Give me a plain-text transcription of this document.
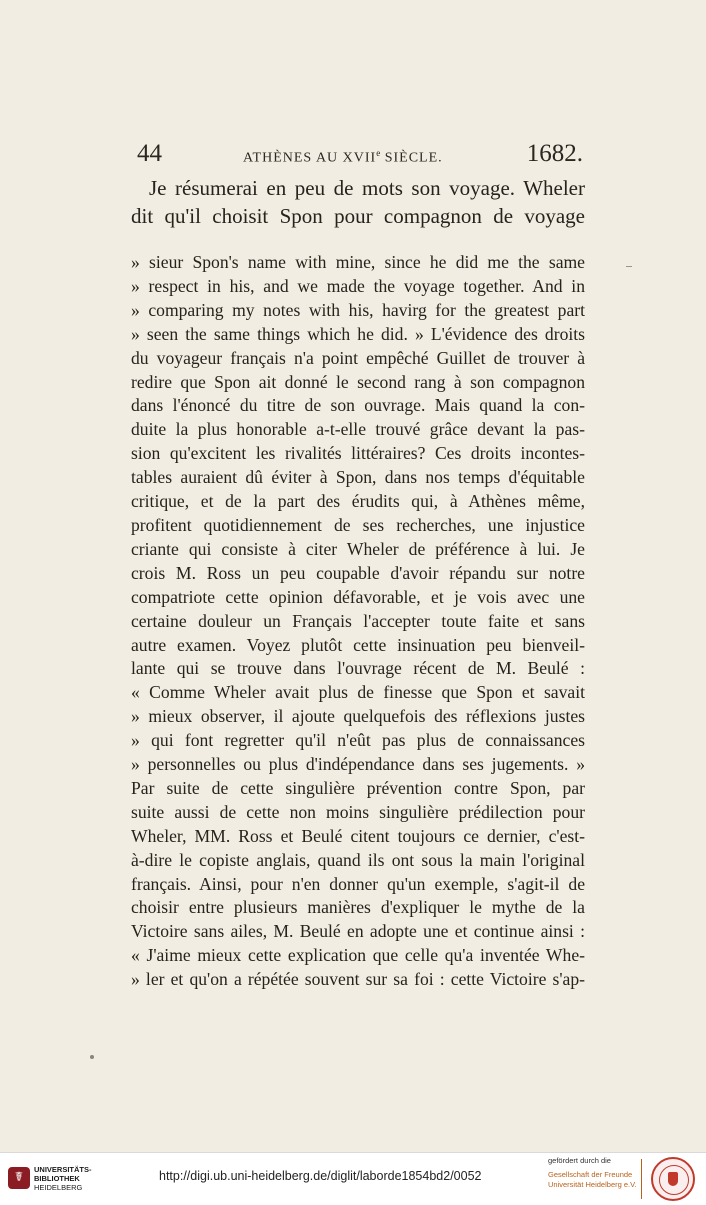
44	ATHÈNES AU XVIIe SIÈCLE.	1682.
Je résumerai en peu de mots son voyage. Wheler
dit qu'il choisit Spon pour compagnon de voyage
» sieur Spon's name with mine, since he did me the same
» respect in his, and we made the voyage together. And in
» comparing my notes with his, havirg for the greatest part
» seen the same things which he did. » L'évidence des droits
du voyageur français n'a point empêché Guillet de trouver à
redire que Spon ait donné le second rang à son compagnon
dans l'énoncé du titre de son ouvrage. Mais quand la con-
duite la plus honorable a-t-elle trouvé grâce devant la pas-
sion qu'excitent les rivalités littéraires? Ces droits incontes-
tables auraient dû éviter à Spon, dans nos temps d'équitable
critique, et de la part des érudits qui, à Athènes même,
profitent quotidiennement de ses recherches, une injustice
criante qui consiste à citer Wheler de préférence à lui. Je
crois M. Ross un peu coupable d'avoir répandu sur notre
compatriote cette opinion défavorable, et je vois avec une
certaine douleur un Français l'accepter toute faite et sans
autre examen. Voyez plutôt cette insinuation peu bienveil-
lante qui se trouve dans l'ouvrage récent de M. Beulé :
« Comme Wheler avait plus de finesse que Spon et savait
» mieux observer, il ajoute quelquefois des réflexions justes
» qui font regretter qu'il n'eût pas plus de connaissances
» personnelles ou plus d'indépendance dans ses jugements. »
Par suite de cette singulière prévention contre Spon, par
suite aussi de cette non moins singulière prédilection pour
Wheler, MM. Ross et Beulé citent toujours ce dernier, c'est-
à-dire le copiste anglais, quand ils ont sous la main l'original
français. Ainsi, pour n'en donner qu'un exemple, s'agit-il de
choisir entre plusieurs manières d'expliquer le mythe de la
Victoire sans ailes, M. Beulé en adopte une et continue ainsi :
« J'aime mieux cette explication que celle qu'a inventée Whe-
» ler et qu'on a répétée souvent sur sa foi : cette Victoire s'ap-
☤
UNIVERSITÄTS-
BIBLIOTHEK
HEIDELBERG
http://digi.ub.uni-heidelberg.de/diglit/laborde1854bd2/0052
gefördert durch die
Gesellschaft der Freunde
Universität Heidelberg e.V.
